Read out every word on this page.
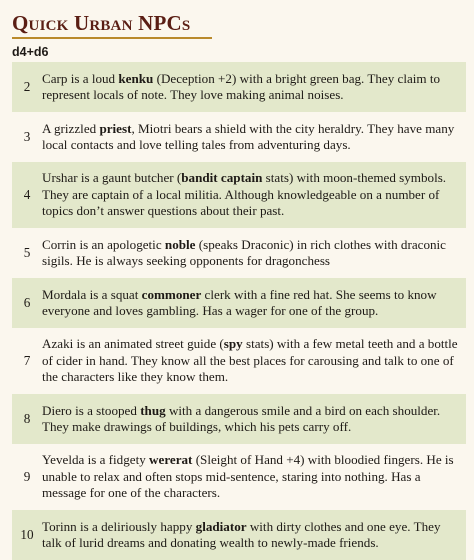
Quick Urban NPCs
d4+d6
2
Carp is a loud kenku (Deception +2) with a bright green bag. They claim to represent locals of note. They love making animal noises.
3
A grizzled priest, Miotri bears a shield with the city heraldry. They have many local contacts and love telling tales from adventuring days.
4
Urshar is a gaunt butcher (bandit captain stats) with moon-themed symbols. They are captain of a local militia. Although knowledgeable on a number of topics don’t answer questions about their past.
5
Corrin is an apologetic noble (speaks Draconic) in rich clothes with draconic sigils. He is always seeking opponents for dragonchess
6
Mordala is a squat commoner clerk with a fine red hat. She seems to know everyone and loves gambling. Has a wager for one of the group.
7
Azaki is an animated street guide (spy stats) with a few metal teeth and a bottle of cider in hand. They know all the best places for carousing and talk to one of the characters like they know them.
8
Diero is a stooped thug with a dangerous smile and a bird on each shoulder. They make drawings of buildings, which his pets carry off.
9
Yevelda is a fidgety wererat (Sleight of Hand +4) with bloodied fingers. He is unable to relax and often stops mid-sentence, staring into nothing. Has a message for one of the characters.
10
Torinn is a deliriously happy gladiator with dirty clothes and one eye. They talk of lurid dreams and donating wealth to newly-made friends.
